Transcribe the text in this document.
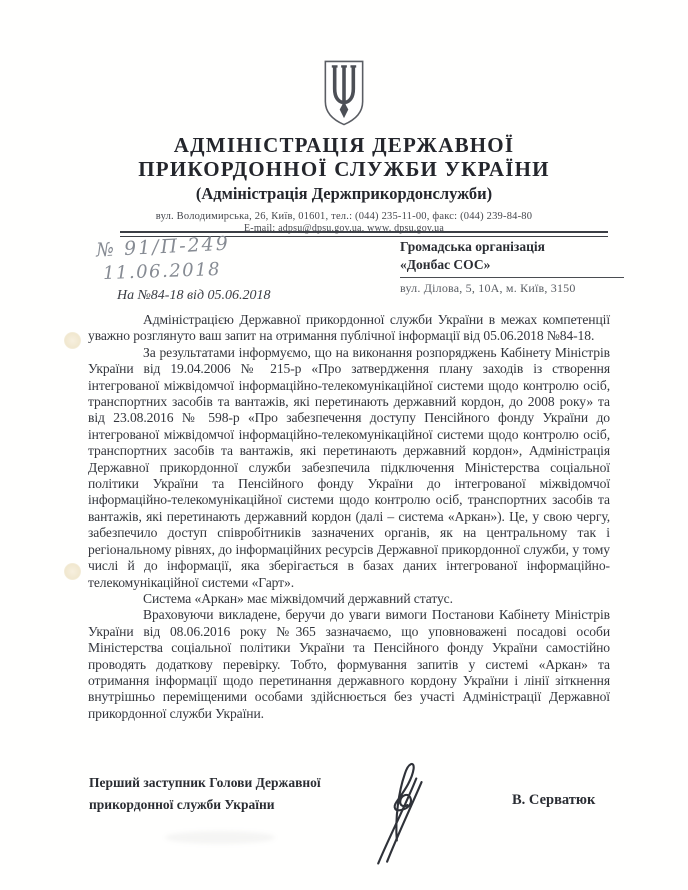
АДМІНІСТРАЦІЯ ДЕРЖАВНОЇ
ПРИКОРДОННОЇ СЛУЖБИ УКРАЇНИ
(Адміністрація Держприкордонслужби)
вул. Володимирська, 26, Київ, 01601, тел.: (044) 235-11-00, факс: (044) 239-84-80
E-mail: adpsu@dpsu.gov.ua, www. dpsu.gov.ua
№ 91/П-249
11.06.2018
Громадська організація
«Донбас СОС»
вул. Ділова, 5, 10А, м. Київ, 3150
На №84-18 від 05.06.2018

Адміністрацією Державної прикордонної служби України в межах компетенції уважно розглянуто ваш запит на отримання публічної інформації від 05.06.2018 №84-18.

За результатами інформуємо, що на виконання розпоряджень Кабінету Міністрів України від 19.04.2006 № 215-р «Про затвердження плану заходів із створення інтегрованої міжвідомчої інформаційно-телекомунікаційної системи щодо контролю осіб, транспортних засобів та вантажів, які перетинають державний кордон, до 2008 року» та від 23.08.2016 № 598-р «Про забезпечення доступу Пенсійного фонду України до інтегрованої міжвідомчої інформаційно-телекомунікаційної системи щодо контролю осіб, транспортних засобів та вантажів, які перетинають державний кордон», Адміністрація Державної прикордонної служби забезпечила підключення Міністерства соціальної політики України та Пенсійного фонду України до інтегрованої міжвідомчої інформаційно-телекомунікаційної системи щодо контролю осіб, транспортних засобів та вантажів, які перетинають державний кордон (далі – система «Аркан»). Це, у свою чергу, забезпечило доступ співробітників зазначених органів, як на центральному так і регіональному рівнях, до інформаційних ресурсів Державної прикордонної служби, у тому числі й до інформації, яка зберігається в базах даних інтегрованої інформаційно-телекомунікаційної системи «Гарт».

Система «Аркан» має міжвідомчий державний статус.

Враховуючи викладене, беручи до уваги вимоги Постанови Кабінету Міністрів України від 08.06.2016 року №365 зазначаємо, що уповноважені посадові особи Міністерства соціальної політики України та Пенсійного фонду України самостійно проводять додаткову перевірку. Тобто, формування запитів у системі «Аркан» та отримання інформації щодо перетинання державного кордону України і лінії зіткнення внутрішньо переміщеними особами здійснюється без участі Адміністрації Державної прикордонної служби України.

Перший заступник Голови Державної
прикордонної служби України	В. Серватюк
